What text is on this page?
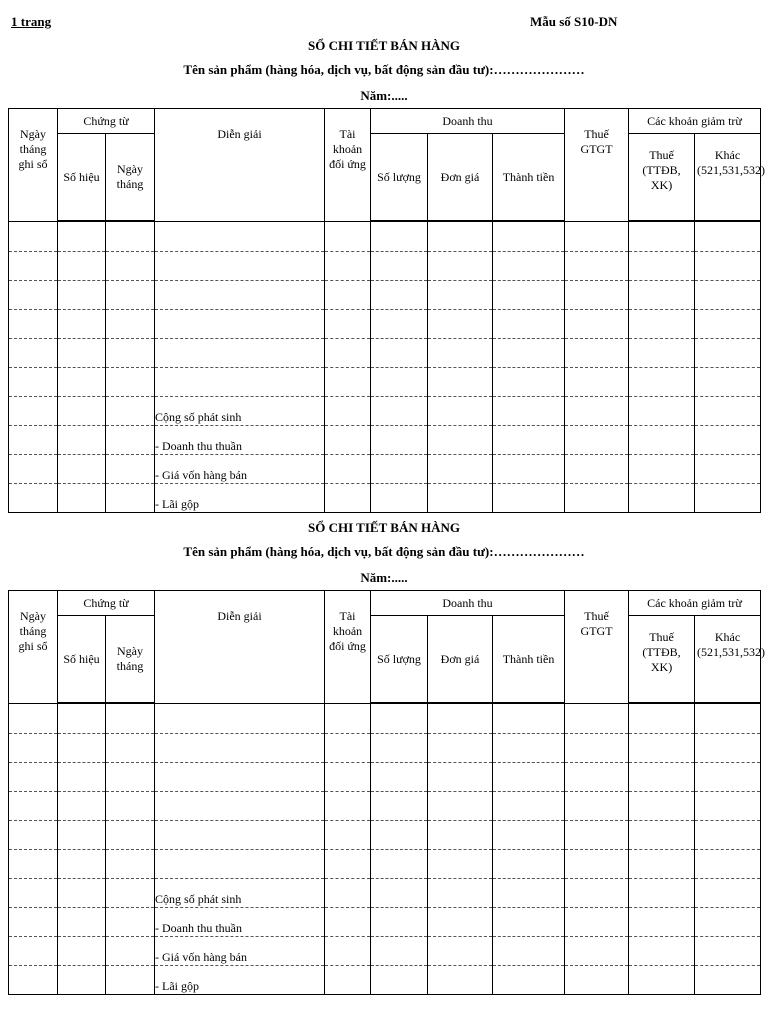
1 trang	Mẫu số S10-DN
SỔ CHI TIẾT BÁN HÀNG
Tên sản phẩm (hàng hóa, dịch vụ, bất động sản đầu tư):…………………
Năm:.....
Ngày tháng ghi sổ	Chứng từ		Diễn giải	Tài khoản đối ứng	Doanh thu			Thuế GTGT	Các khoản giảm trừ	
	Số hiệu	Ngày tháng			Số lượng	Đơn giá	Thành tiền		Thuế (TTĐB, XK)	Khác (521,531,532)

			Cộng số phát sinh							
			- Doanh thu thuần							
			- Giá vốn hàng bán							
			- Lãi gộp							
SỔ CHI TIẾT BÁN HÀNG
Tên sản phẩm (hàng hóa, dịch vụ, bất động sản đầu tư):…………………
Năm:.....
Ngày tháng ghi sổ	Chứng từ		Diễn giải	Tài khoản đối ứng	Doanh thu			Thuế GTGT	Các khoản giảm trừ	
	Số hiệu	Ngày tháng			Số lượng	Đơn giá	Thành tiền		Thuế (TTĐB, XK)	Khác (521,531,532)

			Cộng số phát sinh							
			- Doanh thu thuần							
			- Giá vốn hàng bán							
			- Lãi gộp							
